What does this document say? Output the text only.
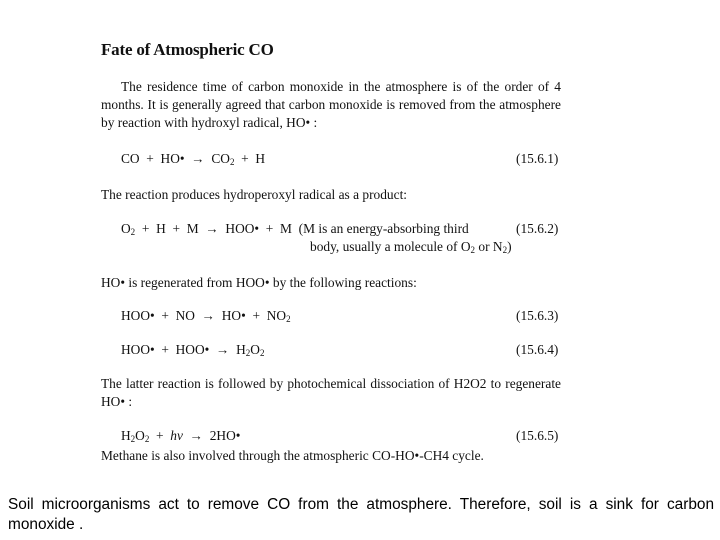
Fate of Atmospheric CO
The residence time of carbon monoxide in the atmosphere is of the order of 4 months. It is generally agreed that carbon monoxide is removed from the atmosphere by reaction with hydroxyl radical, HO• :
CO  +  HO•  →  $CO_2 + H$	(15.6.1)
The reaction produces hydroperoxyl radical as a product:
$O_2 + H + M$  →  HOO•  +  M  (M is an energy-absorbing third
body, usually a molecule of $O_2$ or $N_2$)
(15.6.2)
HO• is regenerated from HOO• by the following reactions:
HOO•  +  NO  →  HO•  +  $NO_2$	(15.6.3)
HOO•  +  HOO•  →  $H_2O_2$	(15.6.4)
The latter reaction is followed by photochemical dissociation of H2O2 to regenerate HO• :
$H_2O_2 + h\nu$  →  2HO•	(15.6.5)
Methane is also involved through the atmospheric CO-HO•-CH4 cycle.
Soil microorganisms act to remove CO from the atmosphere. Therefore, soil is a sink for carbon monoxide .
